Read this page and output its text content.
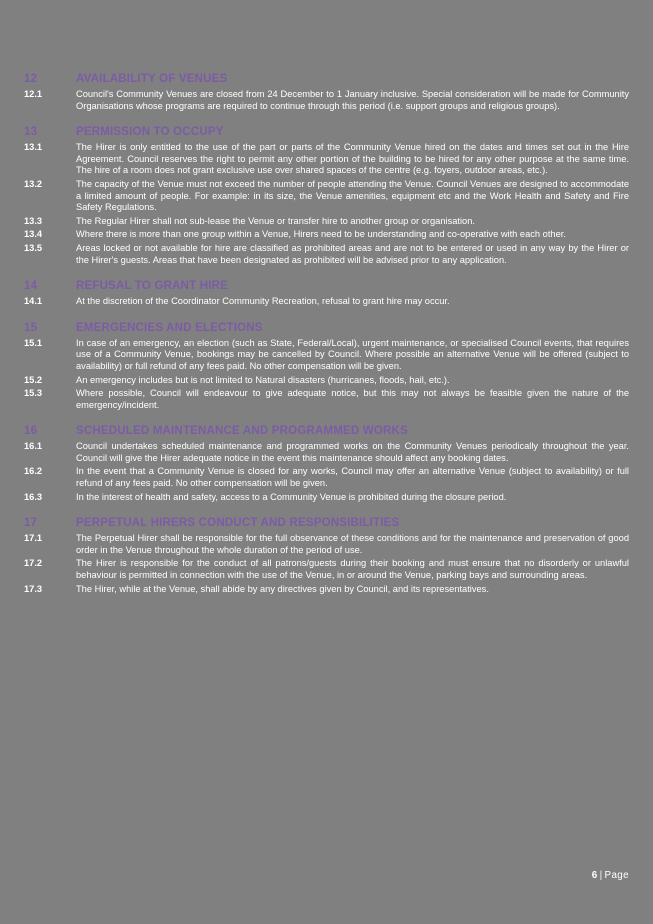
12	AVAILABILITY OF VENUES
12.1	Council's Community Venues are closed from 24 December to 1 January inclusive. Special consideration will be made for Community Organisations whose programs are required to continue through this period (i.e. support groups and religious groups).
13	PERMISSION TO OCCUPY
13.1	The Hirer is only entitled to the use of the part or parts of the Community Venue hired on the dates and times set out in the Hire Agreement. Council reserves the right to permit any other portion of the building to be hired for any other purpose at the same time. The hire of a room does not grant exclusive use over shared spaces of the centre (e.g. foyers, outdoor areas, etc.).
13.2	The capacity of the Venue must not exceed the number of people attending the Venue. Council Venues are designed to accommodate a limited amount of people. For example: in its size, the Venue amenities, equipment etc and the Work Health and Safety and Fire Safety Regulations.
13.3	The Regular Hirer shall not sub-lease the Venue or transfer hire to another group or organisation.
13.4	Where there is more than one group within a Venue, Hirers need to be understanding and co-operative with each other.
13.5	Areas locked or not available for hire are classified as prohibited areas and are not to be entered or used in any way by the Hirer or the Hirer's guests. Areas that have been designated as prohibited will be advised prior to any application.
14	REFUSAL TO GRANT HIRE
14.1	At the discretion of the Coordinator Community Recreation, refusal to grant hire may occur.
15	EMERGENCIES AND ELECTIONS
15.1	In case of an emergency, an election (such as State, Federal/Local), urgent maintenance, or specialised Council events, that requires use of a Community Venue, bookings may be cancelled by Council. Where possible an alternative Venue will be offered (subject to availability) or full refund of any fees paid. No other compensation will be given.
15.2	An emergency includes but is not limited to Natural disasters (hurricanes, floods, hail, etc.).
15.3	Where possible, Council will endeavour to give adequate notice, but this may not always be feasible given the nature of the emergency/incident.
16	SCHEDULED MAINTENANCE AND PROGRAMMED WORKS
16.1	Council undertakes scheduled maintenance and programmed works on the Community Venues periodically throughout the year. Council will give the Hirer adequate notice in the event this maintenance should affect any booking dates.
16.2	In the event that a Community Venue is closed for any works, Council may offer an alternative Venue (subject to availability) or full refund of any fees paid. No other compensation will be given.
16.3	In the interest of health and safety, access to a Community Venue is prohibited during the closure period.
17	PERPETUAL HIRERS CONDUCT AND RESPONSIBILITIES
17.1	The Perpetual Hirer shall be responsible for the full observance of these conditions and for the maintenance and preservation of good order in the Venue throughout the whole duration of the period of use.
17.2	The Hirer is responsible for the conduct of all patrons/guests during their booking and must ensure that no disorderly or unlawful behaviour is permitted in connection with the use of the Venue, in or around the Venue, parking bays and surrounding areas.
17.3	The Hirer, while at the Venue, shall abide by any directives given by Council, and its representatives.
6 | Page
